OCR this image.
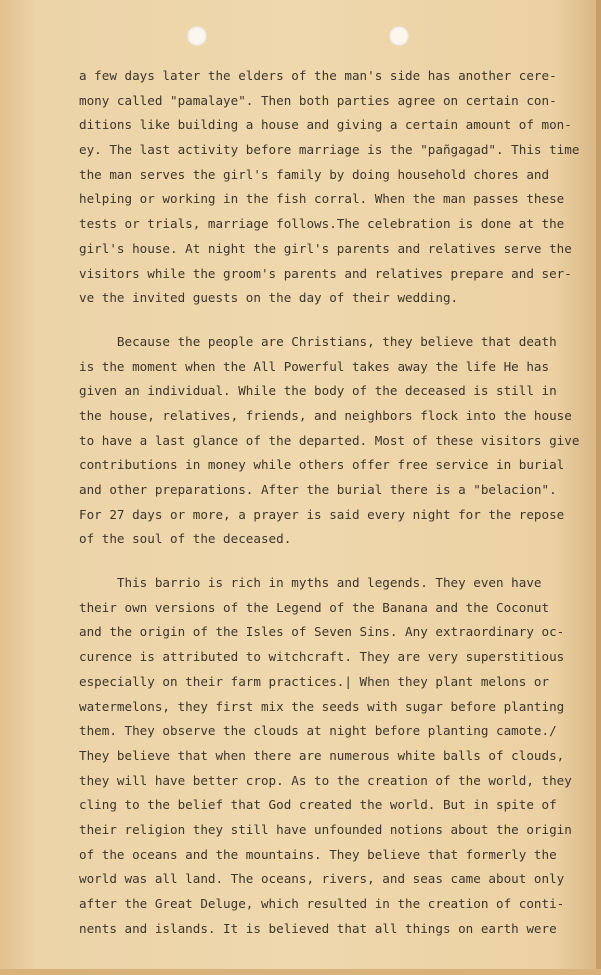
a few days later the elders of the man's side has another cere-
mony called "pamalaye". Then both parties agree on certain con-
ditions like building a house and giving a certain amount of mon-
ey. The last activity before marriage is the "pañgagad". This time
the man serves the girl's family by doing household chores and
helping or working in the fish corral. When the man passes these
tests or trials, marriage follows.The celebration is done at the
girl's house. At night the girl's parents and relatives serve the
visitors while the groom's parents and relatives prepare and ser-
ve the invited guests on the day of their wedding.
Because the people are Christians, they believe that death
is the moment when the All Powerful takes away the life He has
given an individual. While the body of the deceased is still in
the house, relatives, friends, and neighbors flock into the house
to have a last glance of the departed. Most of these visitors give
contributions in money while others offer free service in burial
and other preparations. After the burial there is a "belacion".
For 27 days or more, a prayer is said every night for the repose
of the soul of the deceased.
This barrio is rich in myths and legends. They even have
their own versions of the Legend of the Banana and the Coconut
and the origin of the Isles of Seven Sins. Any extraordinary oc-
curence is attributed to witchcraft. They are very superstitious
especially on their farm practices.| When they plant melons or
watermelons, they first mix the seeds with sugar before planting
them. They observe the clouds at night before planting camote./
They believe that when there are numerous white balls of clouds,
they will have better crop. As to the creation of the world, they
cling to the belief that God created the world. But in spite of
their religion they still have unfounded notions about the origin
of the oceans and the mountains. They believe that formerly the
world was all land. The oceans, rivers, and seas came about only
after the Great Deluge, which resulted in the creation of conti-
nents and islands. It is believed that all things on earth were
